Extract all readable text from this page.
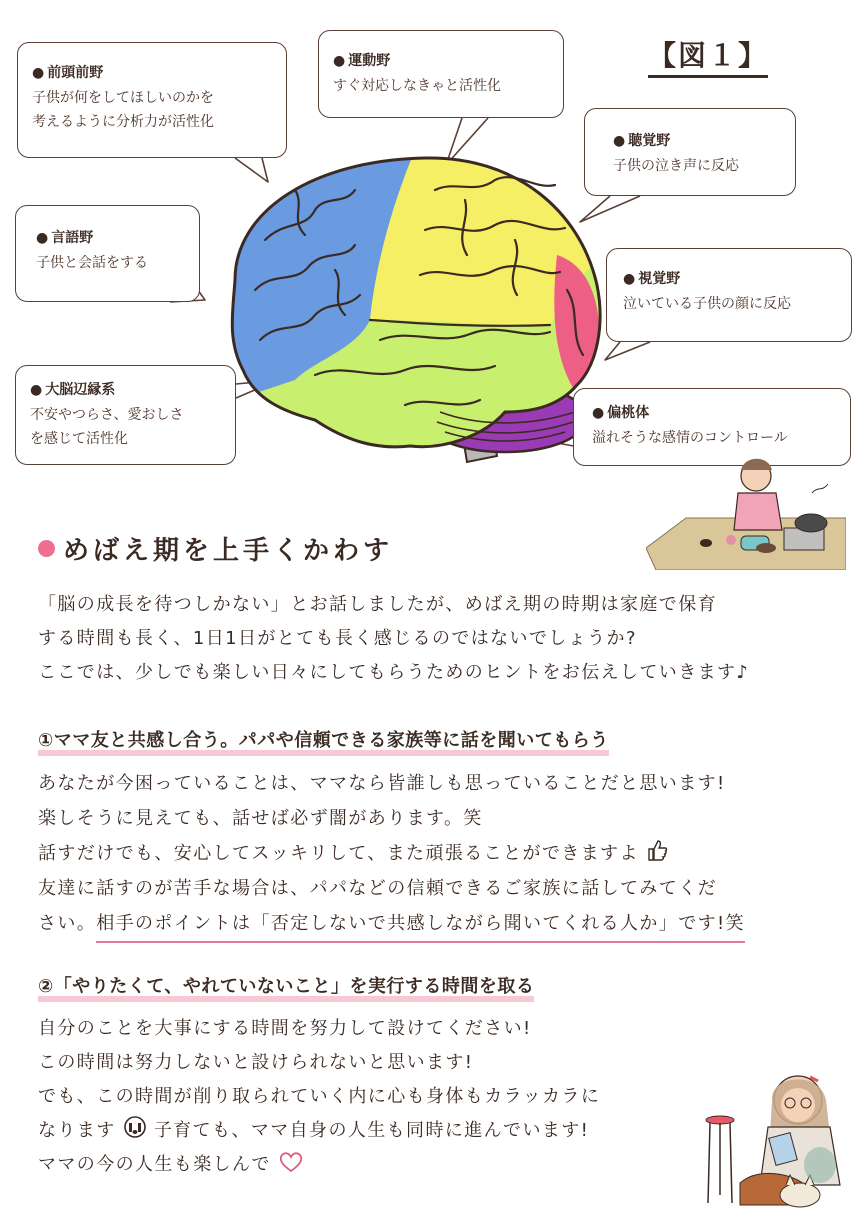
【図１】
● 前頭前野
子供が何をしてほしいのかを
考えるように分析力が活性化
● 運動野
すぐ対応しなきゃと活性化
● 聴覚野
子供の泣き声に反応
● 言語野
子供と会話をする
● 視覚野
泣いている子供の顔に反応
● 大脳辺縁系
不安やつらさ、愛おしさ
を感じて活性化
● 偏桃体
溢れそうな感情のコントロール
めばえ期を上手くかわす
「脳の成長を待つしかない」とお話しましたが、めばえ期の時期は家庭で保育
する時間も長く、1日1日がとても長く感じるのではないでしょうか?
ここでは、少しでも楽しい日々にしてもらうためのヒントをお伝えしていきます♪
①ママ友と共感し合う。パパや信頼できる家族等に話を聞いてもらう
あなたが今困っていることは、ママなら皆誰しも思っていることだと思います!
楽しそうに見えても、話せば必ず闇があります。笑
話すだけでも、安心してスッキリして、また頑張ることができますよ
友達に話すのが苦手な場合は、パパなどの信頼できるご家族に話してみてくだ
さい。相手のポイントは「否定しないで共感しながら聞いてくれる人か」です!笑
②「やりたくて、やれていないこと」を実行する時間を取る
自分のことを大事にする時間を努力して設けてください!
この時間は努力しないと設けられないと思います!
でも、この時間が削り取られていく内に心も身体もカラッカラに
なります 子育ても、ママ自身の人生も同時に進んでいます!
ママの今の人生も楽しんで
